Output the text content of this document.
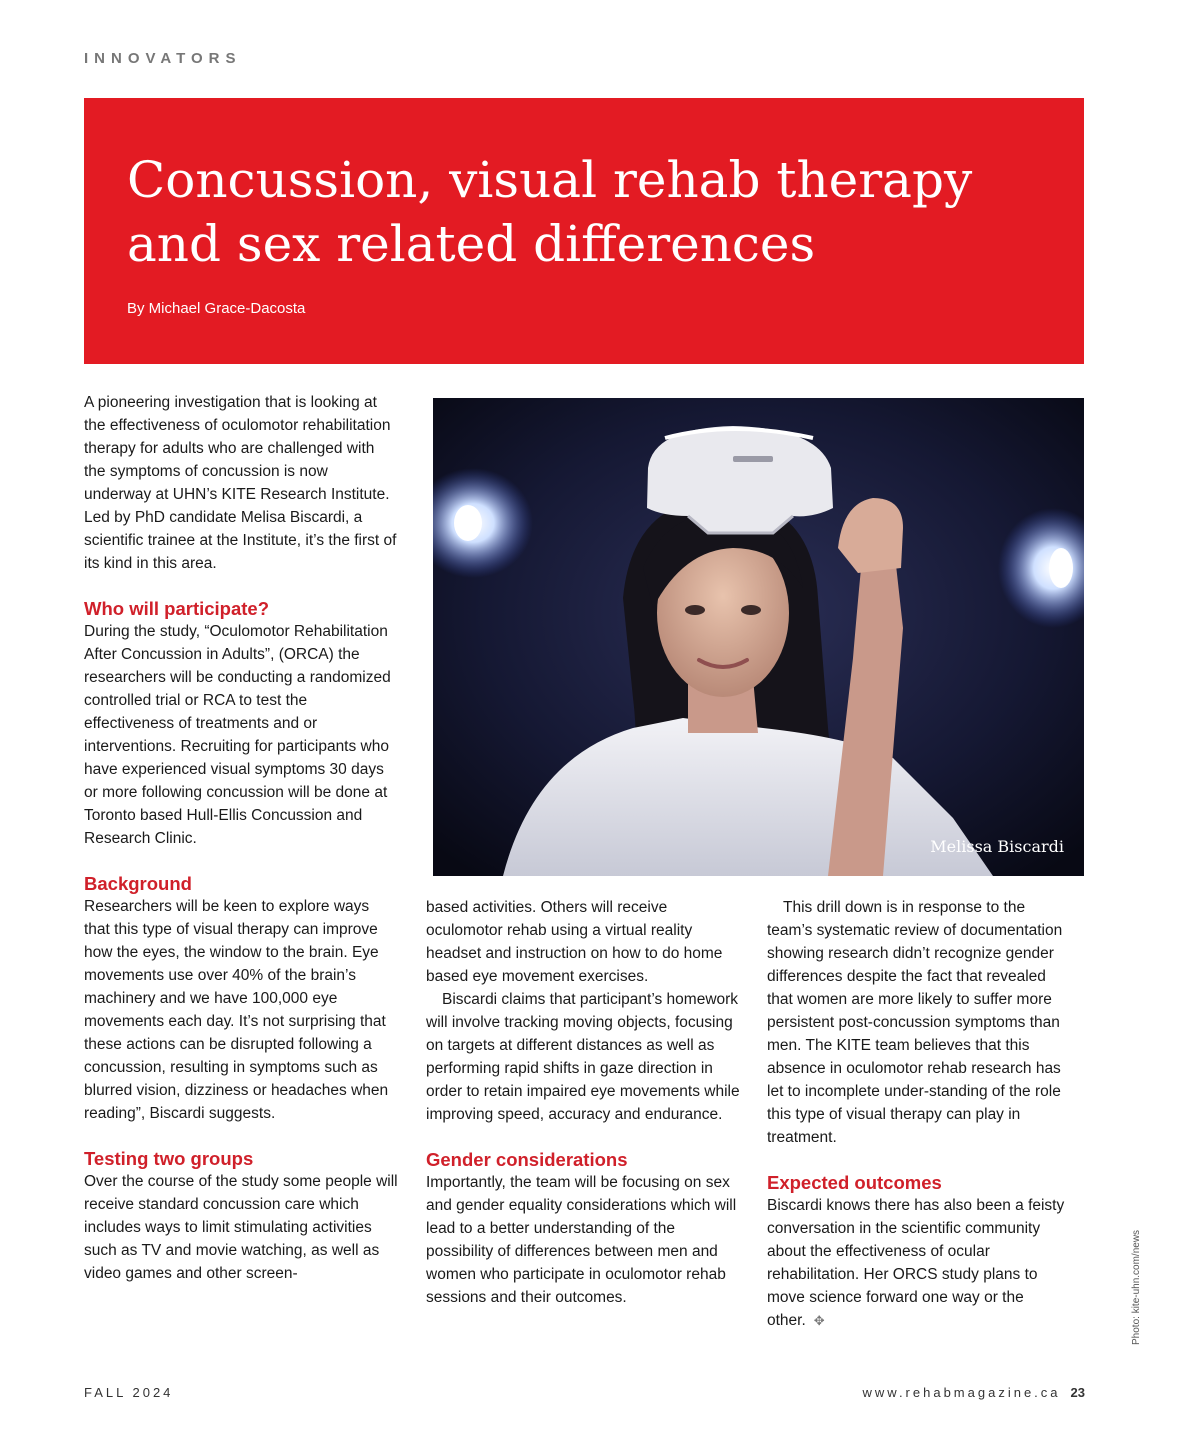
INNOVATORS
Concussion, visual rehab therapy
and sex related differences
By Michael Grace-Dacosta
Melissa Biscardi

A pioneering investigation that is looking at the effectiveness of oculomotor rehabilitation therapy for adults who are challenged with the symptoms of concussion is now underway at UHN’s KITE Research Institute. Led by PhD candidate Melisa Biscardi, a scientific trainee at the Institute, it’s the first of its kind in this area.

Who will participate?

During the study, “Oculomotor Rehabilitation After Concussion in Adults”, (ORCA) the researchers will be conducting a randomized controlled trial or RCA to test the effectiveness of treatments and or interventions. Recruiting for participants who have experienced visual symptoms 30 days or more following concussion will be done at Toronto based Hull-Ellis Concussion and Research Clinic.

Background

Researchers will be keen to explore ways that this type of visual therapy can improve how the eyes, the window to the brain. Eye movements use over 40% of the brain’s machinery and we have 100,000 eye movements each day. It’s not surprising that these actions can be disrupted following a concussion, resulting in symptoms such as blurred vision, dizziness or headaches when reading”, Biscardi suggests.

Testing two groups

Over the course of the study some people will receive standard concussion care which includes ways to limit stimulating activities such as TV and movie watching, as well as video games and other screen-

based activities. Others will receive oculomotor rehab using a virtual reality headset and instruction on how to do home based eye movement exercises.

Biscardi claims that participant’s homework will involve tracking moving objects, focusing on targets at different distances as well as performing rapid shifts in gaze direction in order to retain impaired eye movements while improving speed, accuracy and endurance.

Gender considerations

Importantly, the team will be focusing on sex and gender equality considerations which will lead to a better understanding of the possibility of differences between men and women who participate in oculomotor rehab sessions and their outcomes.

This drill down is in response to the team’s systematic review of documentation showing research didn’t recognize gender differences despite the fact that revealed that women are more likely to suffer more persistent post-concussion symptoms than men. The KITE team believes that this absence in oculomotor rehab research has let to incomplete under-standing of the role this type of visual therapy can play in treatment.

Expected outcomes

Biscardi knows there has also been a feisty conversation in the scientific community about the effectiveness of ocular rehabilitation. Her ORCS study plans to move science forward one way or the other. ✥

FALL 2024	www.rehabmagazine.ca 23
Photo: kite-uhn.com/news
